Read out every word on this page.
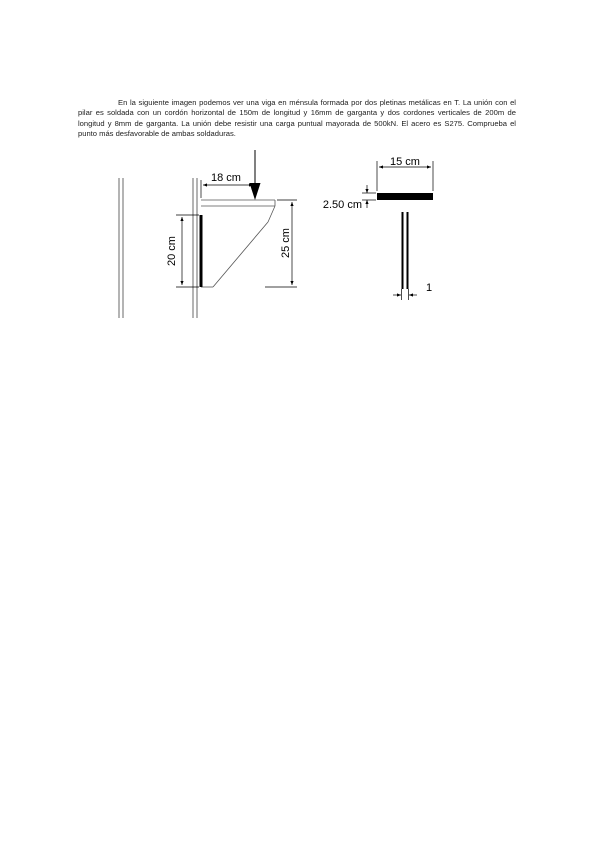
En la siguiente imagen podemos ver una viga en ménsula formada por dos pletinas metálicas en T. La unión con el pilar es soldada con un cordón horizontal de 150m de longitud y 16mm de garganta y dos cordones verticales de 200m de longitud y 8mm de garganta. La unión debe resistir una carga puntual mayorada de 500kN. El acero es S275. Comprueba el punto más desfavorable de ambas soldaduras.

18 cm
20 cm	25 cm
15 cm
2.50 cm
1
